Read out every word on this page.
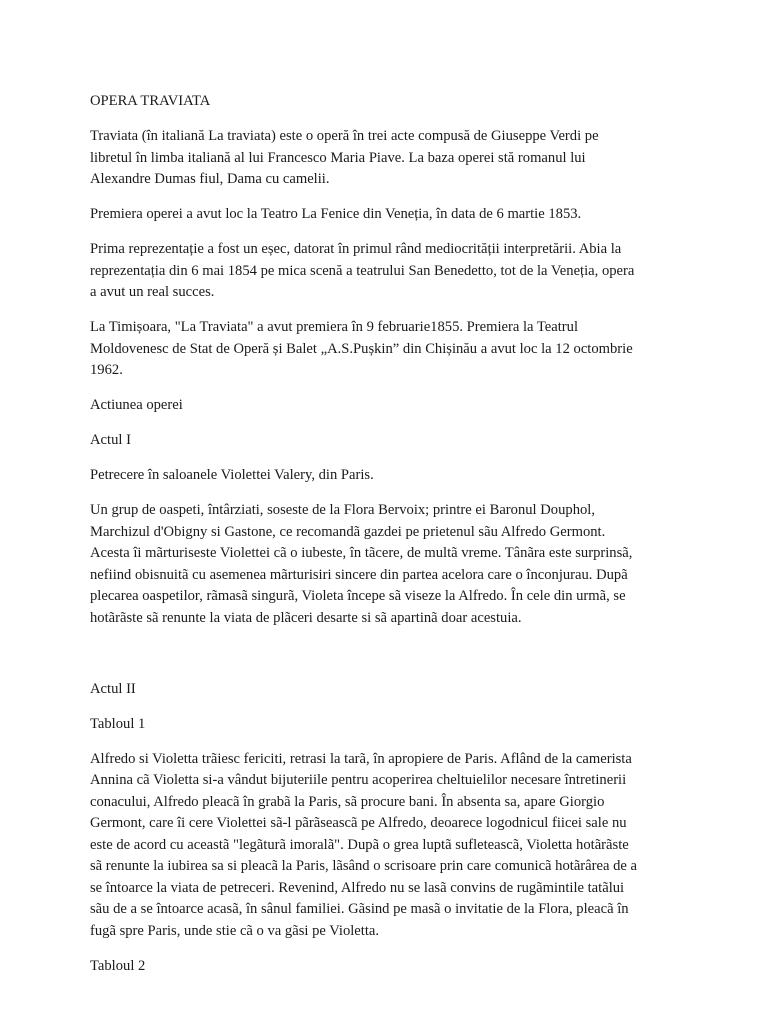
OPERA TRAVIATA
Traviata (în italiană La traviata) este o operă în trei acte compusă de Giuseppe Verdi pe
libretul în limba italiană al lui Francesco Maria Piave. La baza operei stă romanul lui
Alexandre Dumas fiul, Dama cu camelii.
Premiera operei a avut loc la Teatro La Fenice din Veneția, în data de 6 martie 1853.
Prima reprezentație a fost un eșec, datorat în primul rând mediocrității interpretării. Abia la
reprezentația din 6 mai 1854 pe mica scenă a teatrului San Benedetto, tot de la Veneția, opera
a avut un real succes.
La Timișoara, "La Traviata" a avut premiera în 9 februarie1855. Premiera la Teatrul
Moldovenesc de Stat de Operă și Balet „A.S.Pușkin” din Chișinău a avut loc la 12 octombrie
1962.
Actiunea operei
Actul I
Petrecere în saloanele Violettei Valery, din Paris.
Un grup de oaspeti, întârziati, soseste de la Flora Bervoix; printre ei Baronul Douphol,
Marchizul d'Obigny si Gastone, ce recomandã gazdei pe prietenul sãu Alfredo Germont.
Acesta îi mãrturiseste Violettei cã o iubeste, în tãcere, de multã vreme. Tânãra este surprinsã,
nefiind obisnuitã cu asemenea mãrturisiri sincere din partea acelora care o înconjurau. Dupã
plecarea oaspetilor, rãmasã singurã, Violeta începe sã viseze la Alfredo. În cele din urmã, se
hotãrãste sã renunte la viata de plãceri desarte si sã apartinã doar acestuia.
Actul II
Tabloul 1
Alfredo si Violetta trãiesc fericiti, retrasi la tarã, în apropiere de Paris. Aflând de la camerista
Annina cã Violetta si-a vândut bijuteriile pentru acoperirea cheltuielilor necesare întretinerii
conacului, Alfredo pleacã în grabã la Paris, sã procure bani. În absenta sa, apare Giorgio
Germont, care îi cere Violettei sã-l pãrãseascã pe Alfredo, deoarece logodnicul fiicei sale nu
este de acord cu aceastã "legãturã imoralã". Dupã o grea luptã sufleteascã, Violetta hotãrãste
sã renunte la iubirea sa si pleacã la Paris, lãsând o scrisoare prin care comunicã hotãrârea de a
se întoarce la viata de petreceri. Revenind, Alfredo nu se lasã convins de rugãmintile tatãlui
sãu de a se întoarce acasã, în sânul familiei. Gãsind pe masã o invitatie de la Flora, pleacã în
fugã spre Paris, unde stie cã o va gãsi pe Violetta.
Tabloul 2
